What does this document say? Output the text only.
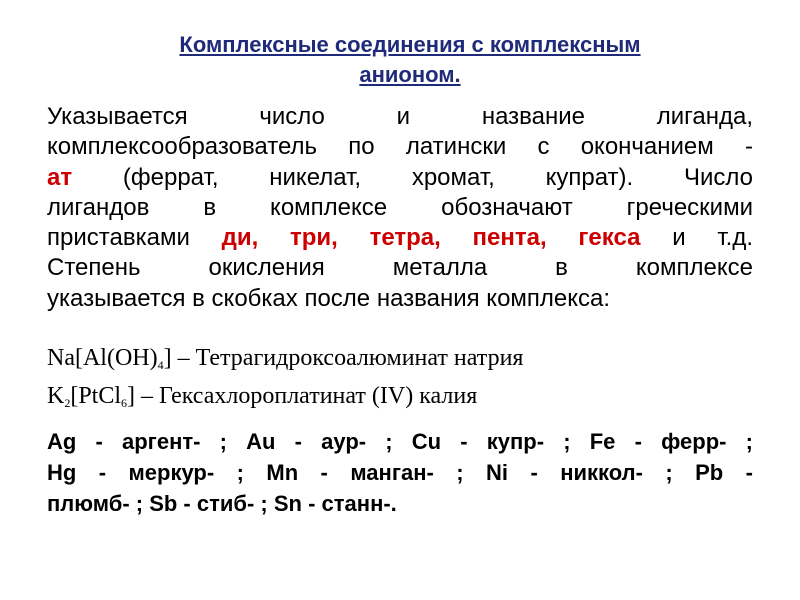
Комплексные соединения с комплексным
анионом.
Указывается число и название лиганда,
комплексообразователь по латински с окончанием -
ат (феррат, никелат, хромат, купрат). Число
лигандов в комплексе обозначают греческими
приставками ди, три, тетра, пента, гекса и т.д.
Степень окисления металла в комплексе
указывается в скобках после названия комплекса:
$Na[Al(OH)_4]$ – Тетрагидроксоалюминат натрия
$K_2[PtCl_6]$ – Гексахлороплатинат (IV) калия
Ag - аргент- ; Au - аур- ; Cu - купр- ; Fe - ферр- ;
Hg - меркур- ; Mn - манган- ; Ni - никкол- ; Pb -
плюмб- ; Sb - стиб- ; Sn - станн-.
